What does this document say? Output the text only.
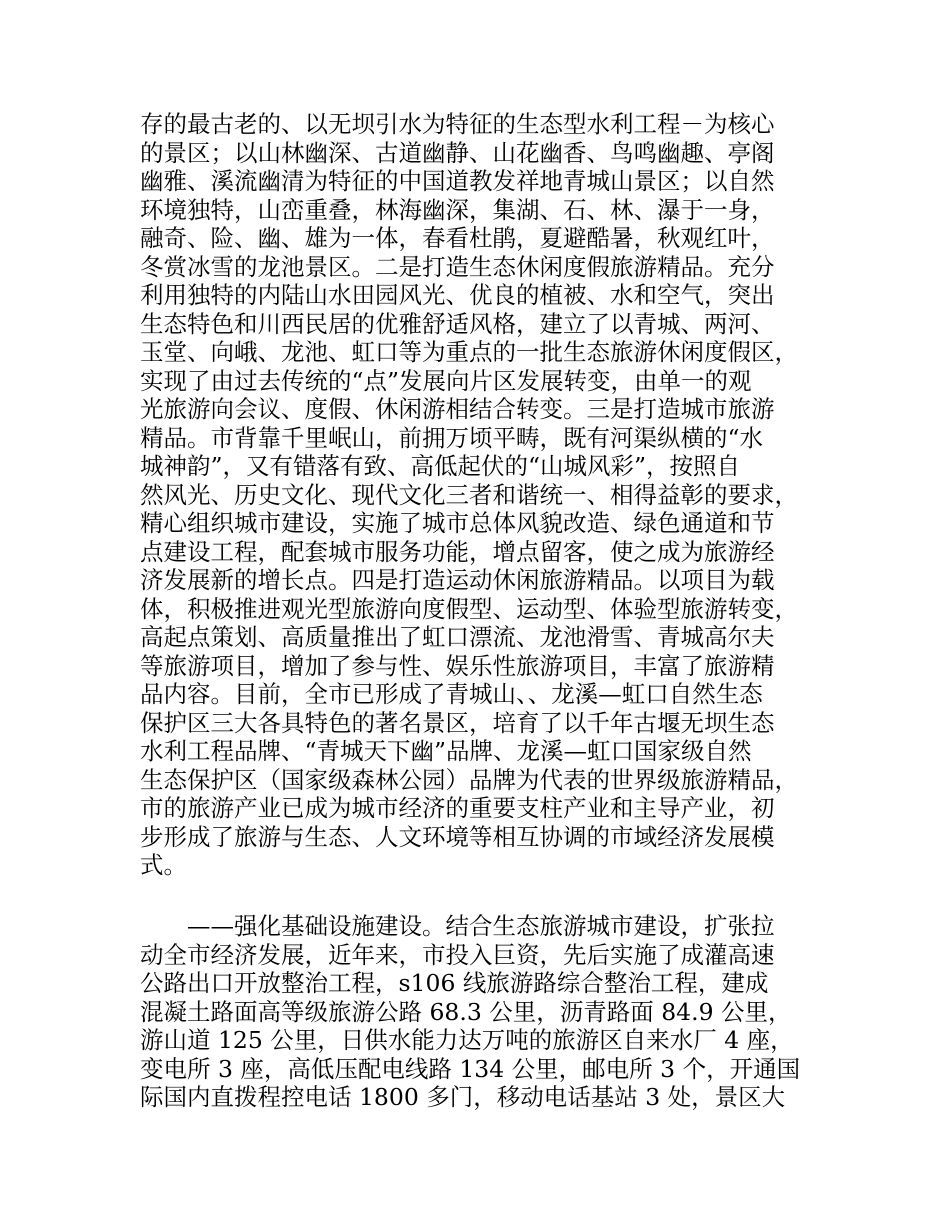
存的最古老的、以无坝引水为特征的生态型水利工程－为核心
的景区；以山林幽深、古道幽静、山花幽香、鸟鸣幽趣、亭阁
幽雅、溪流幽清为特征的中国道教发祥地青城山景区；以自然
环境独特，山峦重叠，林海幽深，集湖、石、林、瀑于一身，
融奇、险、幽、雄为一体，春看杜鹃，夏避酷暑，秋观红叶，
冬赏冰雪的龙池景区。二是打造生态休闲度假旅游精品。充分
利用独特的内陆山水田园风光、优良的植被、水和空气，突出
生态特色和川西民居的优雅舒适风格，建立了以青城、两河、
玉堂、向峨、龙池、虹口等为重点的一批生态旅游休闲度假区，
实现了由过去传统的“点”发展向片区发展转变，由单一的观
光旅游向会议、度假、休闲游相结合转变。三是打造城市旅游
精品。市背靠千里岷山，前拥万顷平畴，既有河渠纵横的“水
城神韵”，又有错落有致、高低起伏的“山城风彩”，按照自
然风光、历史文化、现代文化三者和谐统一、相得益彰的要求，
精心组织城市建设，实施了城市总体风貌改造、绿色通道和节
点建设工程，配套城市服务功能，增点留客，使之成为旅游经
济发展新的增长点。四是打造运动休闲旅游精品。以项目为载
体，积极推进观光型旅游向度假型、运动型、体验型旅游转变，
高起点策划、高质量推出了虹口漂流、龙池滑雪、青城高尔夫
等旅游项目，增加了参与性、娱乐性旅游项目，丰富了旅游精
品内容。目前，全市已形成了青城山、、龙溪—虹口自然生态
保护区三大各具特色的著名景区，培育了以千年古堰无坝生态
水利工程品牌、“青城天下幽”品牌、龙溪—虹口国家级自然
生态保护区（国家级森林公园）品牌为代表的世界级旅游精品，
市的旅游产业已成为城市经济的重要支柱产业和主导产业，初
步形成了旅游与生态、人文环境等相互协调的市域经济发展模
式。
　　——强化基础设施建设。结合生态旅游城市建设，扩张拉
动全市经济发展，近年来，市投入巨资，先后实施了成灌高速
公路出口开放整治工程，s106 线旅游路综合整治工程，建成
混凝土路面高等级旅游公路 68.3 公里，沥青路面 84.9 公里，
游山道 125 公里，日供水能力达万吨的旅游区自来水厂 4 座，
变电所 3 座，高低压配电线路 134 公里，邮电所 3 个，开通国
际国内直拨程控电话 1800 多门，移动电话基站 3 处，景区大
